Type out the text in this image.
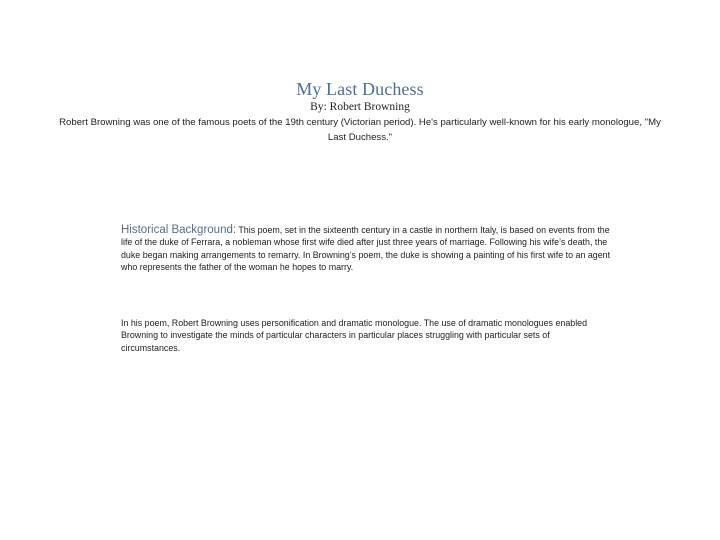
My Last Duchess
By: Robert Browning
Robert Browning was one of the famous poets of the 19th century (Victorian period). He's particularly well-known for his early monologue, "My Last Duchess."
Historical Background: This poem, set in the sixteenth century in a castle in northern Italy, is based on events from the life of the duke of Ferrara, a nobleman whose first wife died after just three years of marriage. Following his wife’s death, the duke began making arrangements to remarry. In Browning’s poem, the duke is showing a painting of his first wife to an agent who represents the father of the woman he hopes to marry.
In his poem, Robert Browning uses personification and dramatic monologue. The use of dramatic monologues enabled Browning to investigate the minds of particular characters in particular places struggling with particular sets of circumstances.
